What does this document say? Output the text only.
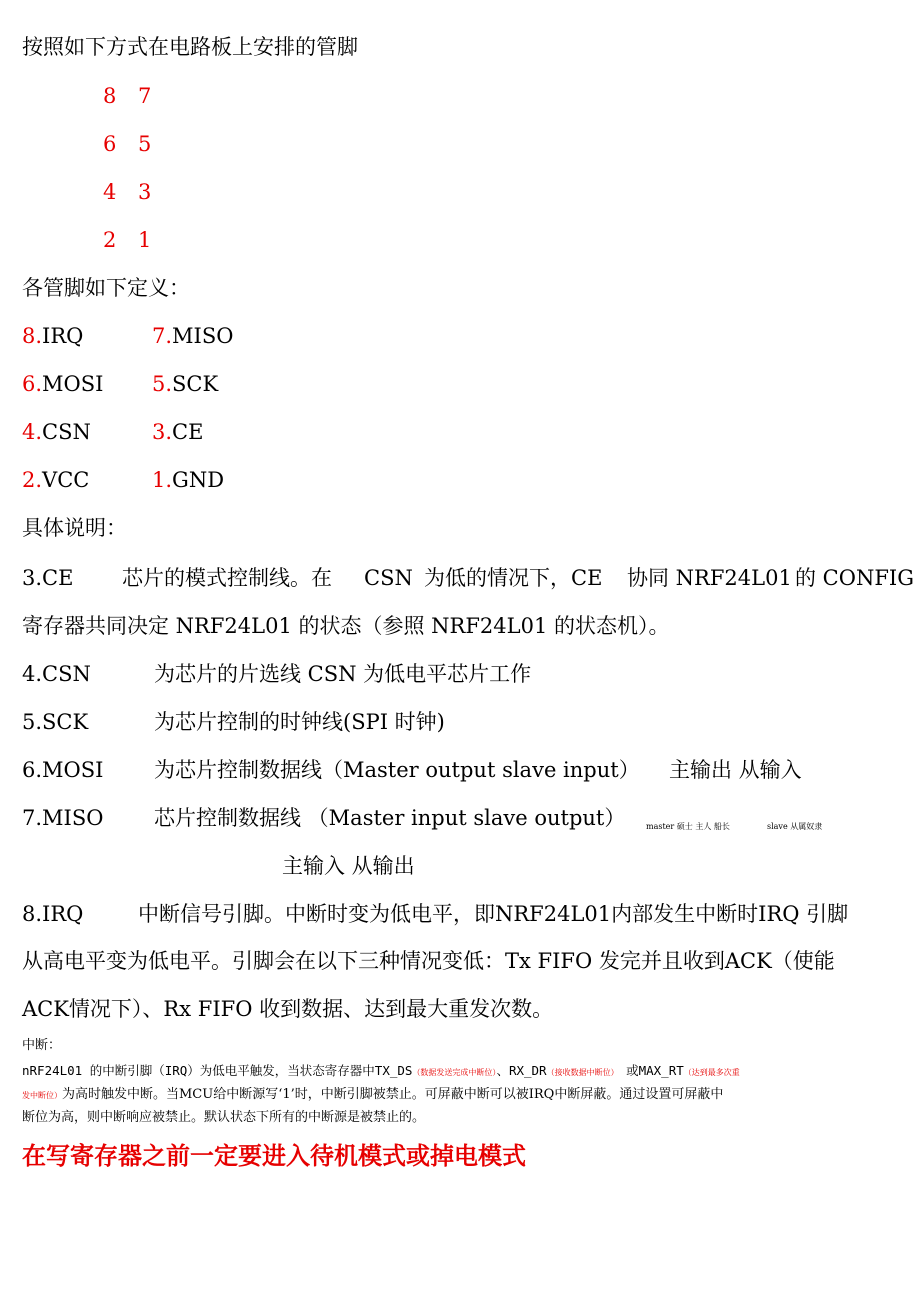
按照如下方式在电路板上安排的管脚
8 7
6 5
4 3
2 1
各管脚如下定义：
8.IRQ	7.MISO
6.MOSI 5.SCK
4.CSN	3.CE
2.VCC	1.GND
具体说明：
3.CE 芯片的模式控制线。在 CSN 为低的情况下，CE 协同 NRF24L01 的 CONFIG
寄存器共同决定 NRF24L01 的状态（参照 NRF24L01 的状态机）。
4.CSN	为芯片的片选线 CSN 为低电平芯片工作
5.SCK	为芯片控制的时钟线(SPI 时钟)
6.MOSI 为芯片控制数据线（Master output slave input） 主输出 从输入
7.MISO 芯片控制数据线 （Master input slave output）	master 硕士 主人 船长	slave 从属奴隶
主输入 从输出
8.IRQ	中断信号引脚。中断时变为低电平，即NRF24L01内部发生中断时IRQ 引脚
从高电平变为低电平。引脚会在以下三种情况变低：Tx FIFO 发完并且收到ACK（使能
ACK情况下）、Rx FIFO 收到数据、达到最大重发次数。
中断：
nRF24L01 的中断引脚（IRQ）为低电平触发，当状态寄存器中TX_DS（数据发送完成中断位）、RX_DR（接收数据中断位） 或MAX_RT（达到最多次重
发中断位）为高时触发中断。当MCU给中断源写‘1’时，中断引脚被禁止。可屏蔽中断可以被IRQ中断屏蔽。通过设置可屏蔽中
断位为高，则中断响应被禁止。默认状态下所有的中断源是被禁止的。
在写寄存器之前一定要进入待机模式或掉电模式
